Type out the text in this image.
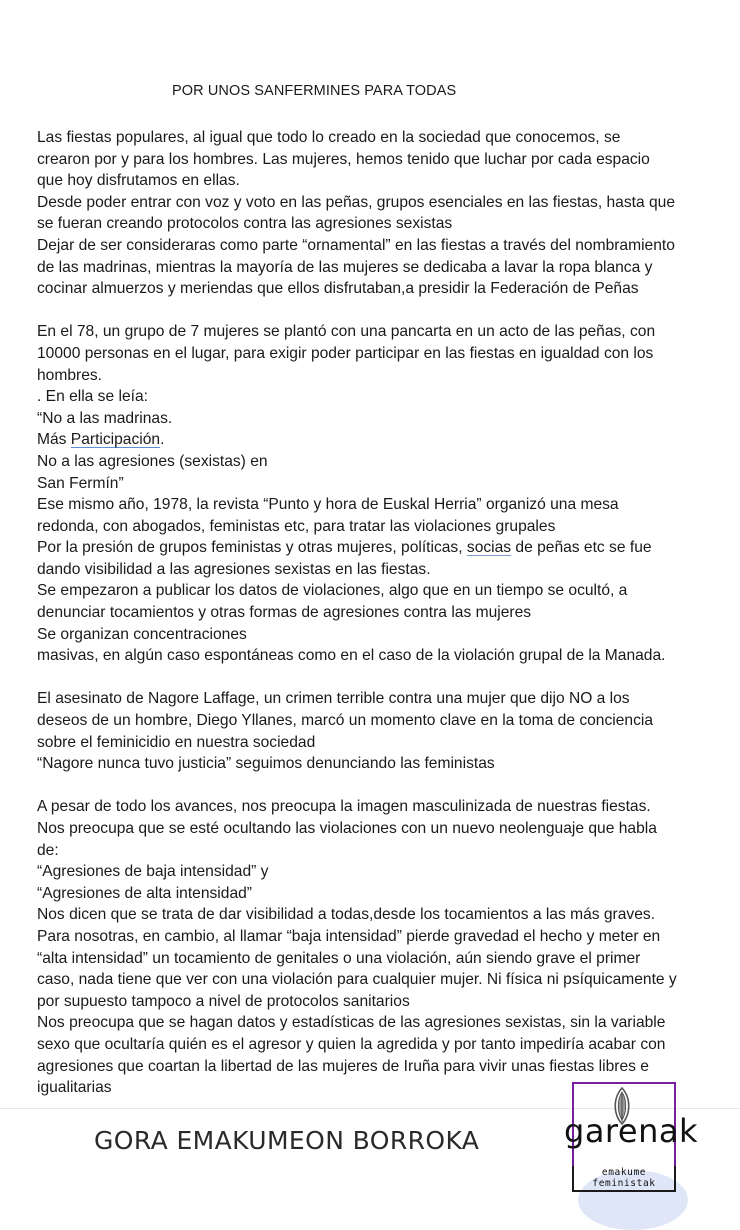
POR UNOS SANFERMINES PARA TODAS
Las fiestas populares, al igual que todo lo creado en la sociedad que conocemos, se
crearon por y para los hombres. Las mujeres, hemos tenido que luchar por cada espacio
que hoy disfrutamos en ellas.
Desde poder entrar con voz y voto en las peñas, grupos esenciales en las fiestas, hasta que
se fueran creando protocolos contra las agresiones sexistas
Dejar de ser consideraras como parte “ornamental” en las fiestas a través del nombramiento
de las madrinas, mientras la mayoría de las mujeres se dedicaba a lavar la ropa blanca y
cocinar almuerzos y meriendas que ellos disfrutaban,a presidir la Federación de Peñas
En el 78, un grupo de 7 mujeres se plantó con una pancarta en un acto de las peñas, con
10000 personas en el lugar, para exigir poder participar en las fiestas en igualdad con los
hombres.
. En ella se leía:
“No a las madrinas.
Más Participación.
No a las agresiones (sexistas) en
San Fermín”
Ese mismo año, 1978, la revista “Punto y hora de Euskal Herria” organizó una mesa
redonda, con abogados, feministas etc, para tratar las violaciones grupales
Por la presión de grupos feministas y otras mujeres, políticas, socias de peñas etc se fue
dando visibilidad a las agresiones sexistas en las fiestas.
Se empezaron a publicar los datos de violaciones, algo que en un tiempo se ocultó, a
denunciar tocamientos y otras formas de agresiones contra las mujeres
Se organizan concentraciones
masivas, en algún caso espontáneas como en el caso de la violación grupal de la Manada.
El asesinato de Nagore Laffage, un crimen terrible contra una mujer que dijo NO a los
deseos de un hombre, Diego Yllanes, marcó un momento clave en la toma de conciencia
sobre el feminicidio en nuestra sociedad
“Nagore nunca tuvo justicia” seguimos denunciando las feministas
A pesar de todo los avances, nos preocupa la imagen masculinizada de nuestras fiestas.
Nos preocupa que se esté ocultando las violaciones con un nuevo neolenguaje que habla
de:
“Agresiones de baja intensidad” y
“Agresiones de alta intensidad”
Nos dicen que se trata de dar visibilidad a todas,desde los tocamientos a las más graves.
Para nosotras, en cambio, al llamar “baja intensidad” pierde gravedad el hecho y meter en
“alta intensidad” un tocamiento de genitales o una violación, aún siendo grave el primer
caso, nada tiene que ver con una violación para cualquier mujer. Ni física ni psíquicamente y
por supuesto tampoco a nivel de protocolos sanitarios
Nos preocupa que se hagan datos y estadísticas de las agresiones sexistas, sin la variable
sexo que ocultaría quién es el agresor y quien la agredida y por tanto impediría acabar con
agresiones que coartan la libertad de las mujeres de Iruña para vivir unas fiestas libres e
igualitarias
GORA EMAKUMEON BORROKA	garenak
emakume
feministak
